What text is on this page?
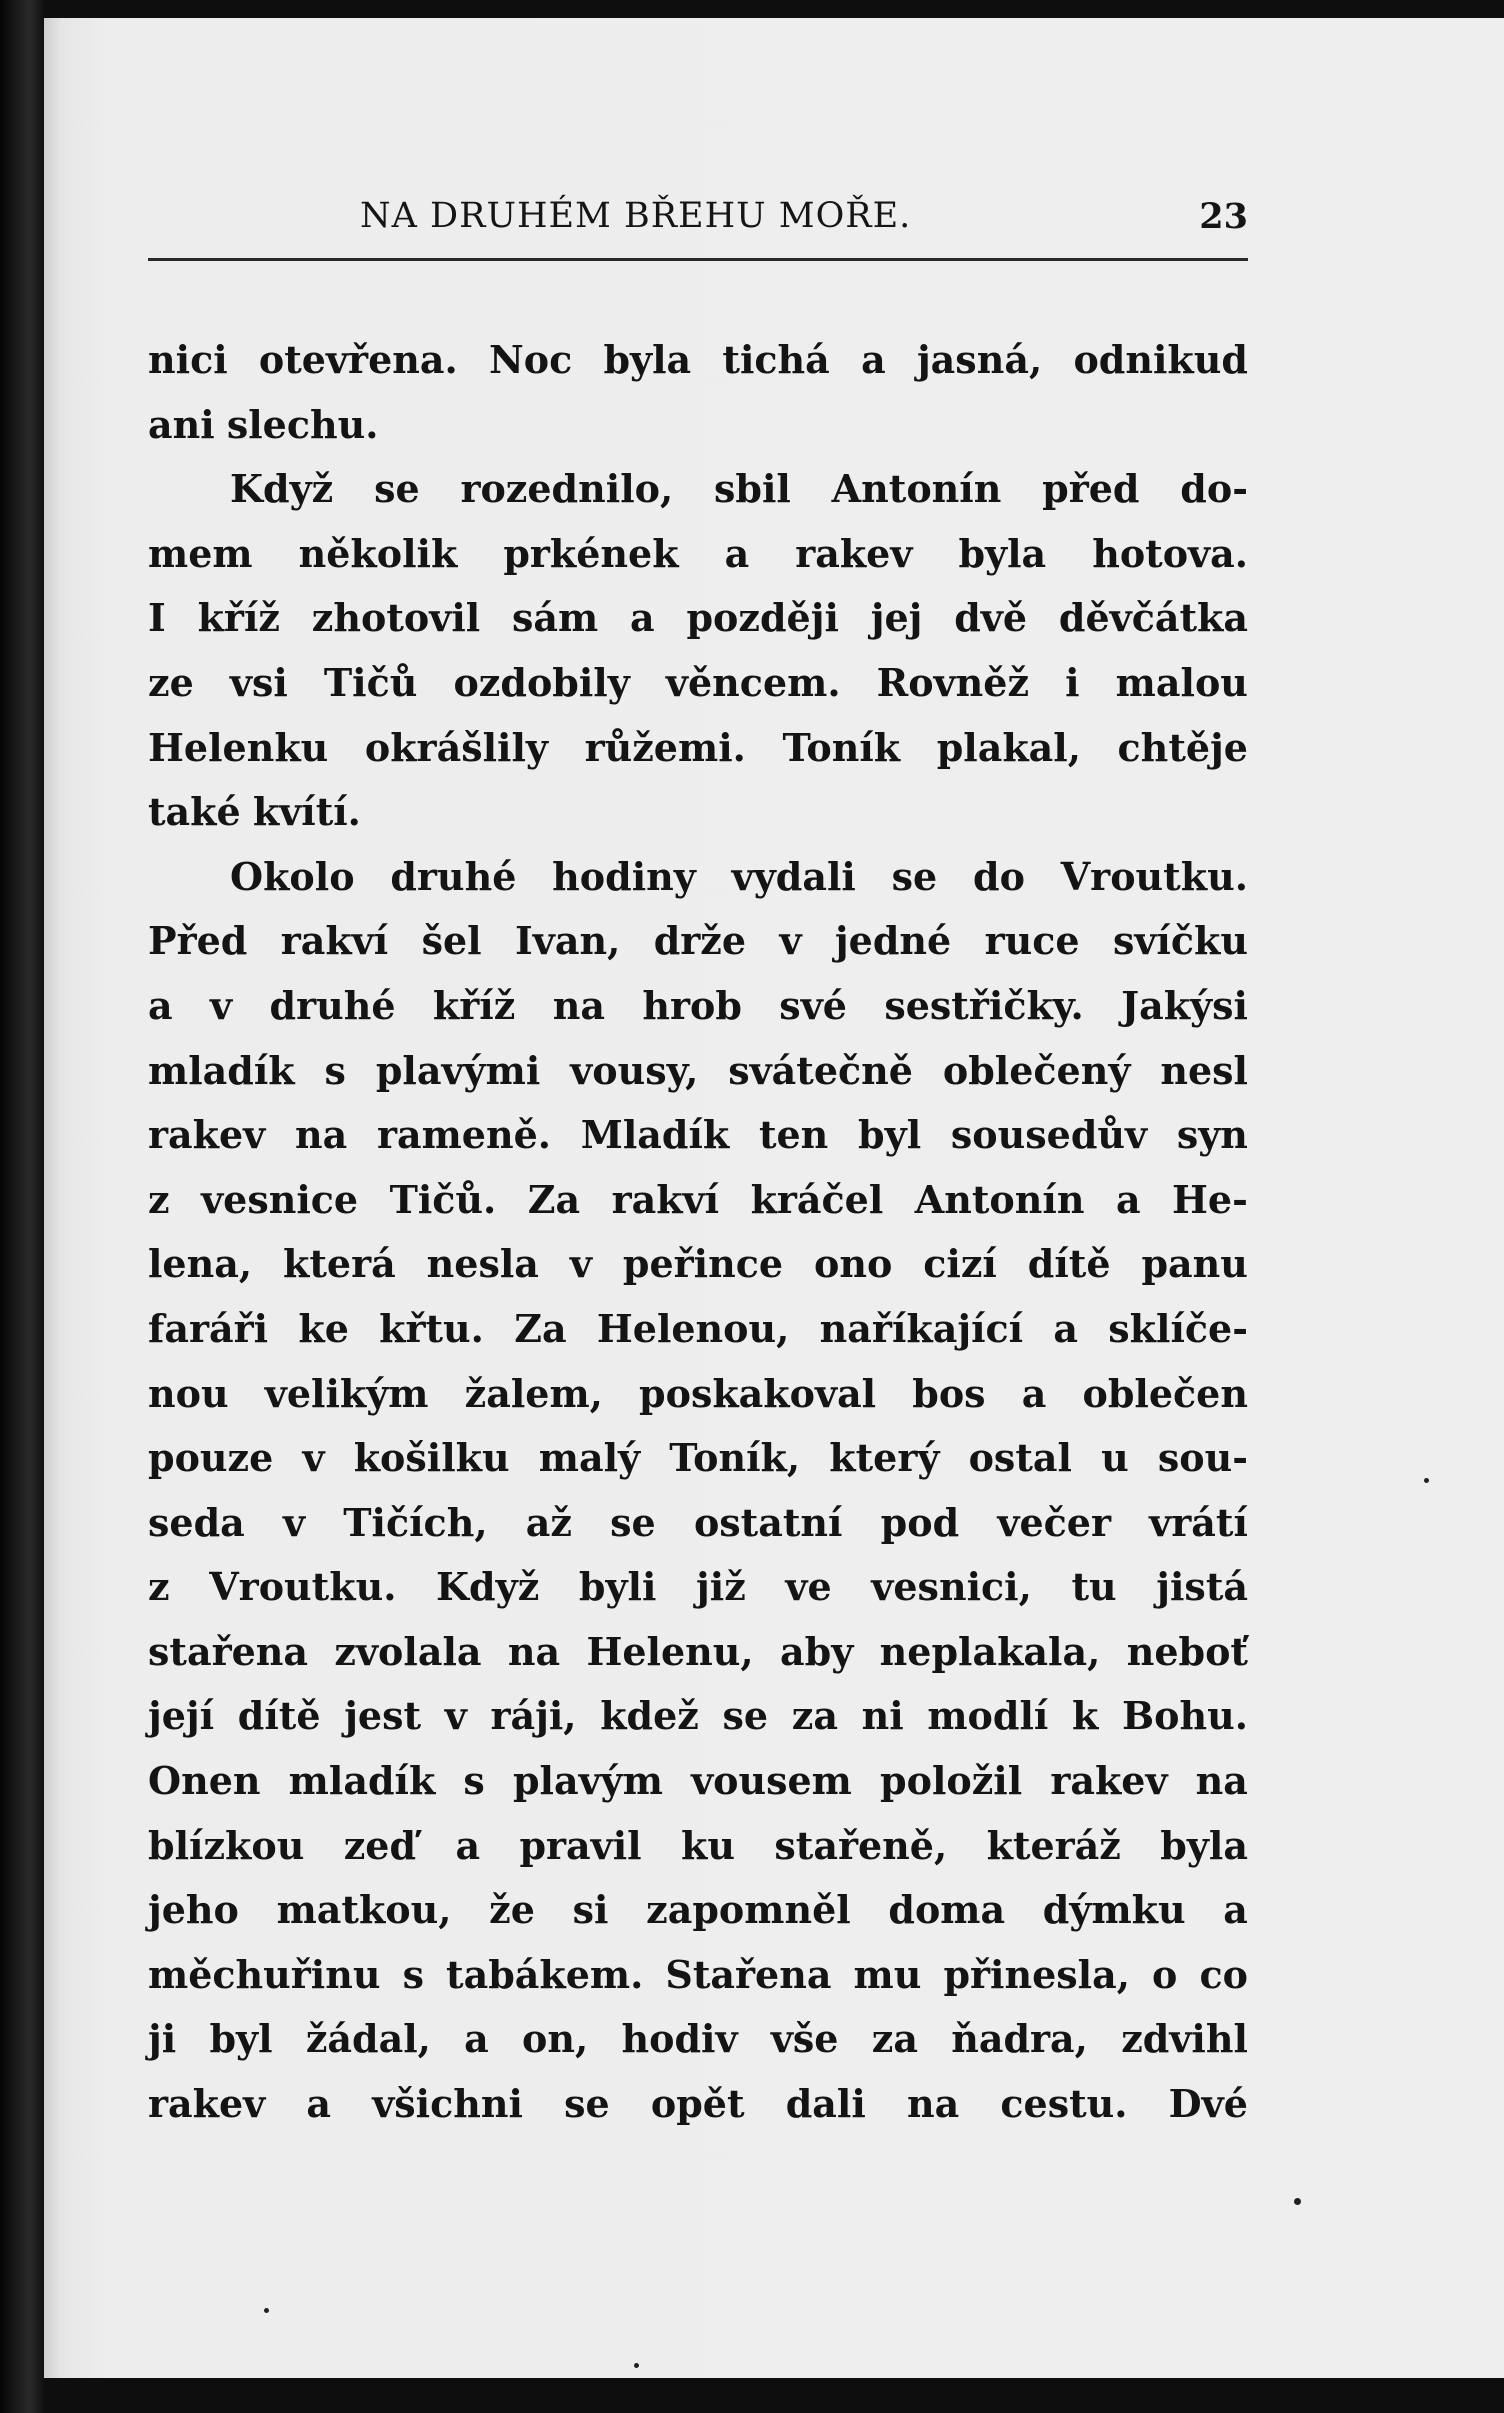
NA DRUHÉM BŘEHU MOŘE.	23
nici otevřena. Noc byla tichá a jasná, odnikud
ani slechu.
Když se rozednilo, sbil Antonín před do-
mem několik prkének a rakev byla hotova.
I kříž zhotovil sám a později jej dvě děvčátka
ze vsi Tičů ozdobily věncem. Rovněž i malou
Helenku okrášlily růžemi. Toník plakal, chtěje
také kvítí.
Okolo druhé hodiny vydali se do Vroutku.
Před rakví šel Ivan, drže v jedné ruce svíčku
a v druhé kříž na hrob své sestřičky. Jakýsi
mladík s plavými vousy, svátečně oblečený nesl
rakev na rameně. Mladík ten byl sousedův syn
z vesnice Tičů. Za rakví kráčel Antonín a He-
lena, která nesla v peřince ono cizí dítě panu
faráři ke křtu. Za Helenou, naříkající a sklíče-
nou velikým žalem, poskakoval bos a oblečen
pouze v košilku malý Toník, který ostal u sou-
seda v Tičích, až se ostatní pod večer vrátí
z Vroutku. Když byli již ve vesnici, tu jistá
stařena zvolala na Helenu, aby neplakala, neboť
její dítě jest v ráji, kdež se za ni modlí k Bohu.
Onen mladík s plavým vousem položil rakev na
blízkou zeď a pravil ku stařeně, kteráž byla
jeho matkou, že si zapomněl doma dýmku a
měchuřinu s tabákem. Stařena mu přinesla, o co
ji byl žádal, a on, hodiv vše za ňadra, zdvihl
rakev a všichni se opět dali na cestu. Dvé
